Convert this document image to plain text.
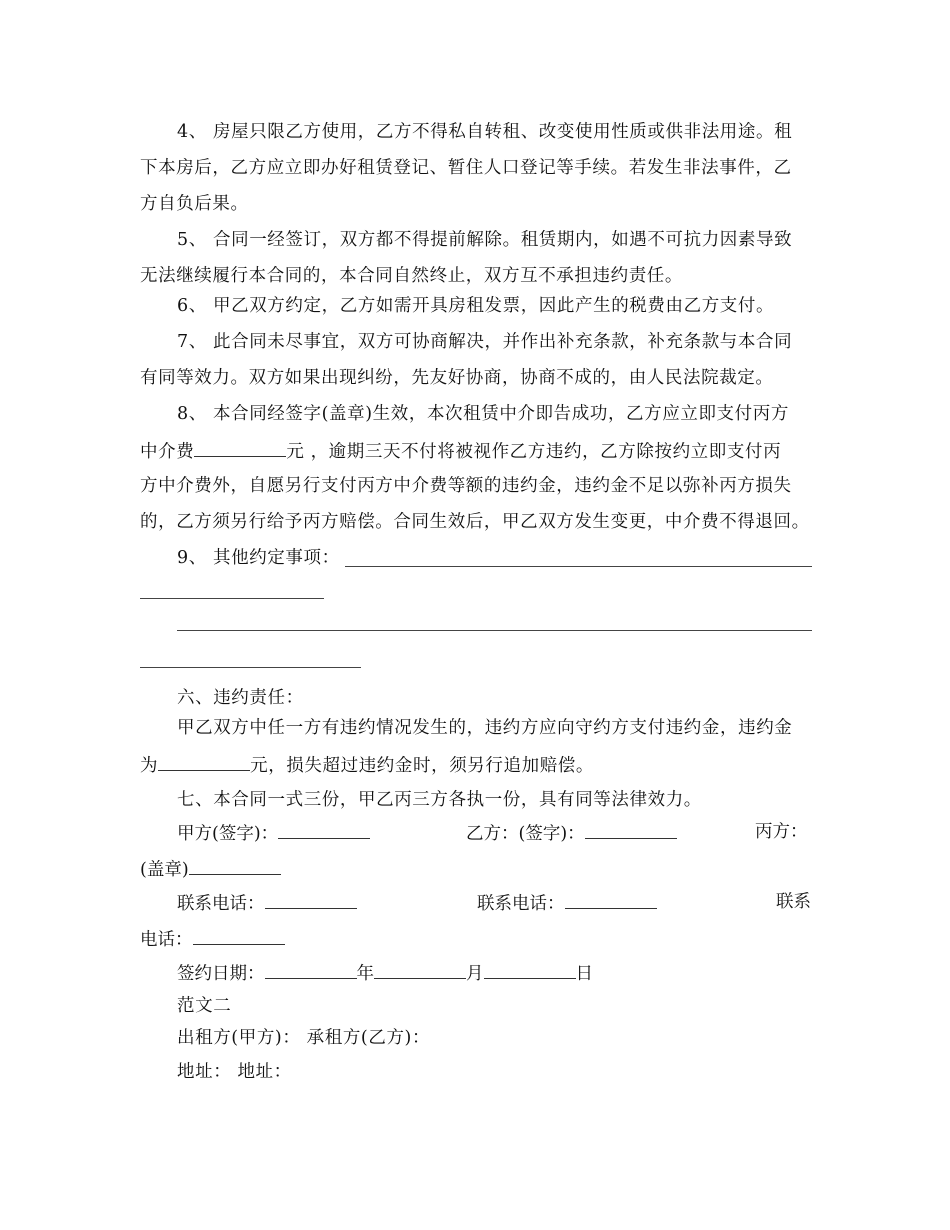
4、 房屋只限乙方使用，乙方不得私自转租、改变使用性质或供非法用途。租
下本房后，乙方应立即办好租赁登记、暂住人口登记等手续。若发生非法事件，乙
方自负后果。
5、 合同一经签订，双方都不得提前解除。租赁期内，如遇不可抗力因素导致
无法继续履行本合同的，本合同自然终止，双方互不承担违约责任。
6、 甲乙双方约定，乙方如需开具房租发票，因此产生的税费由乙方支付。
7、 此合同未尽事宜，双方可协商解决，并作出补充条款，补充条款与本合同
有同等效力。双方如果出现纠纷，先友好协商，协商不成的，由人民法院裁定。
8、 本合同经签字(盖章)生效，本次租赁中介即告成功，乙方应立即支付丙方
中介费	元 ，逾期三天不付将被视作乙方违约，乙方除按约立即支付丙
方中介费外，自愿另行支付丙方中介费等额的违约金，违约金不足以弥补丙方损失
的，乙方须另行给予丙方赔偿。合同生效后，甲乙双方发生变更，中介费不得退回。
9、 其他约定事项：
六、违约责任：
甲乙双方中任一方有违约情况发生的，违约方应向守约方支付违约金，违约金
为	元，损失超过违约金时，须另行追加赔偿。
七、本合同一式三份，甲乙丙三方各执一份，具有同等法律效力。
甲方(签字)：	乙方：(签字)：	丙方：
(盖章)
联系电话：	联系电话：	联系
电话：
签约日期：	年	月	日
范文二
出租方(甲方)： 承租方(乙方)：
地址： 地址：
